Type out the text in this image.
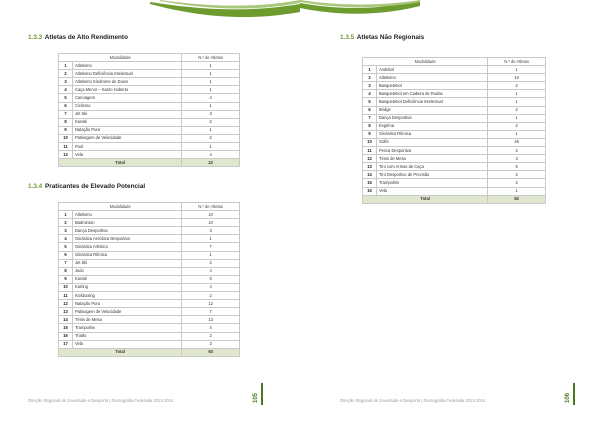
1.3.3 Atletas de Alto Rendimento
Modalidade		N.º de Atletas
1	Atletismo	1
2	Atletismo Deficiência Intelectual	1
3	Atletismo Síndrome de Down	1
4	Caça Menor – Santo Huberto	1
5	Canoagem	4
6	Ciclismo	1
7	Jet Ski	3
8	Karaté	2
9	Natação Pura	1
10	Patinagem de Velocidade	2
11	Pool	1
12	Vela	4
Total		22
1.3.4 Praticantes de Elevado Potencial
Modalidade		N.º de Atletas
1	Atletismo	10
2	Badminton	10
3	Dança Desportiva	3
4	Ginástica Aeróbica Desportiva	1
5	Ginástica Artística	7
6	Ginástica Rítmica	1
7	Jet Ski	2
8	Judo	4
9	Karaté	9
10	Karting	4
11	Kickboxing	2
12	Natação Pura	12
13	Patinagem de Velocidade	7
14	Ténis de Mesa	13
15	Trampolins	4
16	Triatlo	2
17	Vela	3
Total		93
Direção Regional de Juventude e Desporto | Demografia Federada 2013-2014	105
1.3.5 Atletas Não Regionais
Modalidade		N.º de Atletas
1	Andebol	1
2	Atletismo	10
3	Basquetebol	2
4	Basquetebol em Cadeira de Rodas	1
5	Basquetebol Deficiência Intelectual	1
6	Bridge	2
7	Dança Desportiva	1
8	Esgrima	2
9	Ginástica Rítmica	1
10	Golfe	46
11	Pesca Desportiva	2
12	Ténis de Mesa	3
13	Tiro com Armas de Caça	5
14	Tiro Desportivo de Precisão	2
15	Trampolins	2
16	Vela	1
Total		82
Direção Regional de Juventude e Desporto | Demografia Federada 2013-2014	106
